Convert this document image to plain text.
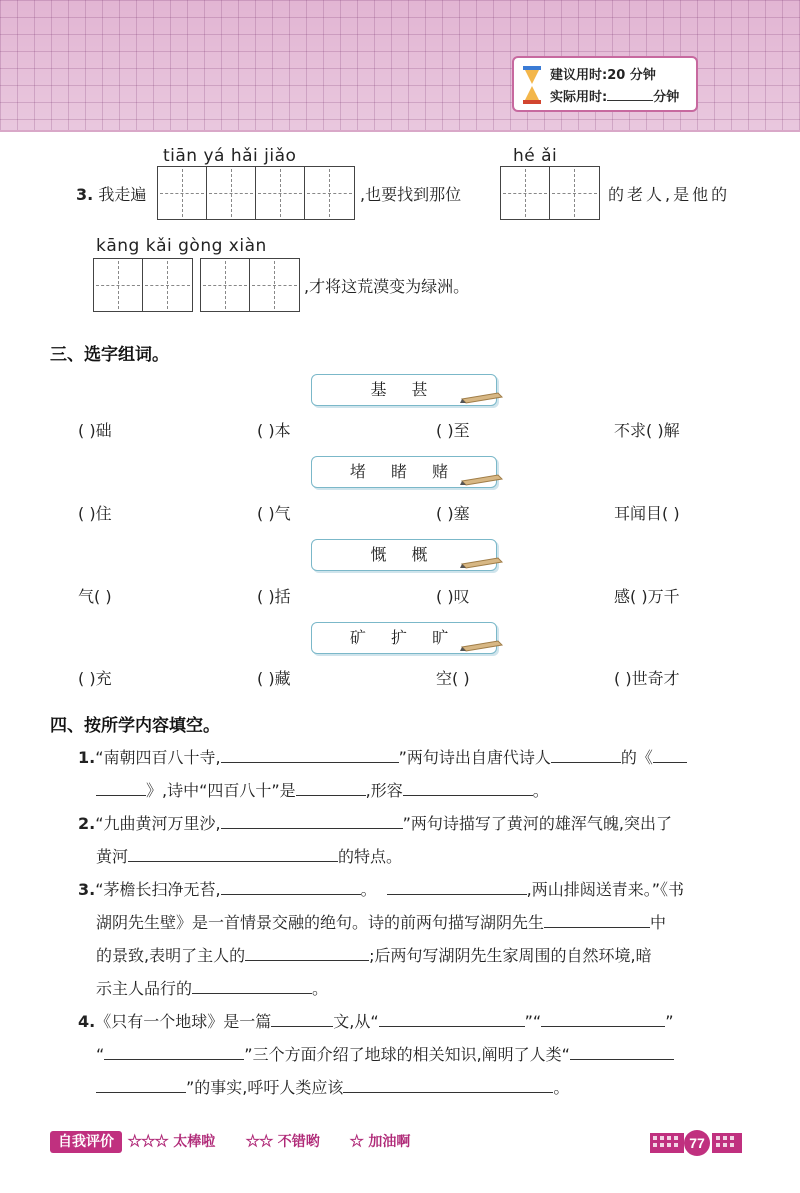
建议用时:20 分钟
实际用时:	分钟
tiān yá hǎi jiǎo
3. 我走遍	,也要找到那位
hé ǎi
的老人,是他的
kāng kǎi gòng xiàn
,才将这荒漠变为绿洲。
三、选字组词。
基 甚
( )础	( )本	( )至	不求( )解
堵 睹 赌
( )住	( )气	( )塞	耳闻目( )
慨 概
气( )	( )括	( )叹	感( )万千
矿 扩 旷
( )充	( )藏	空( )	( )世奇才
四、按所学内容填空。
1.“南朝四百八十寺,	”两句诗出自唐代诗人	的《
》,诗中“四百八十”是	,形容	。
2.“九曲黄河万里沙,	”两句诗描写了黄河的雄浑气魄,突出了
黄河	的特点。
3.“茅檐长扫净无苔,	。	,两山排闼送青来。”《书
湖阴先生壁》是一首情景交融的绝句。诗的前两句描写湖阴先生	中
的景致,表明了主人的	;后两句写湖阴先生家周围的自然环境,暗
示主人品行的	。
4.《只有一个地球》是一篇	文,从“	”“	”
“	”三个方面介绍了地球的相关知识,阐明了人类“
”的事实,呼吁人类应该	。
自我评价 ★★★ 太棒啦 ★★ 不错哟 ★ 加油啊	77
